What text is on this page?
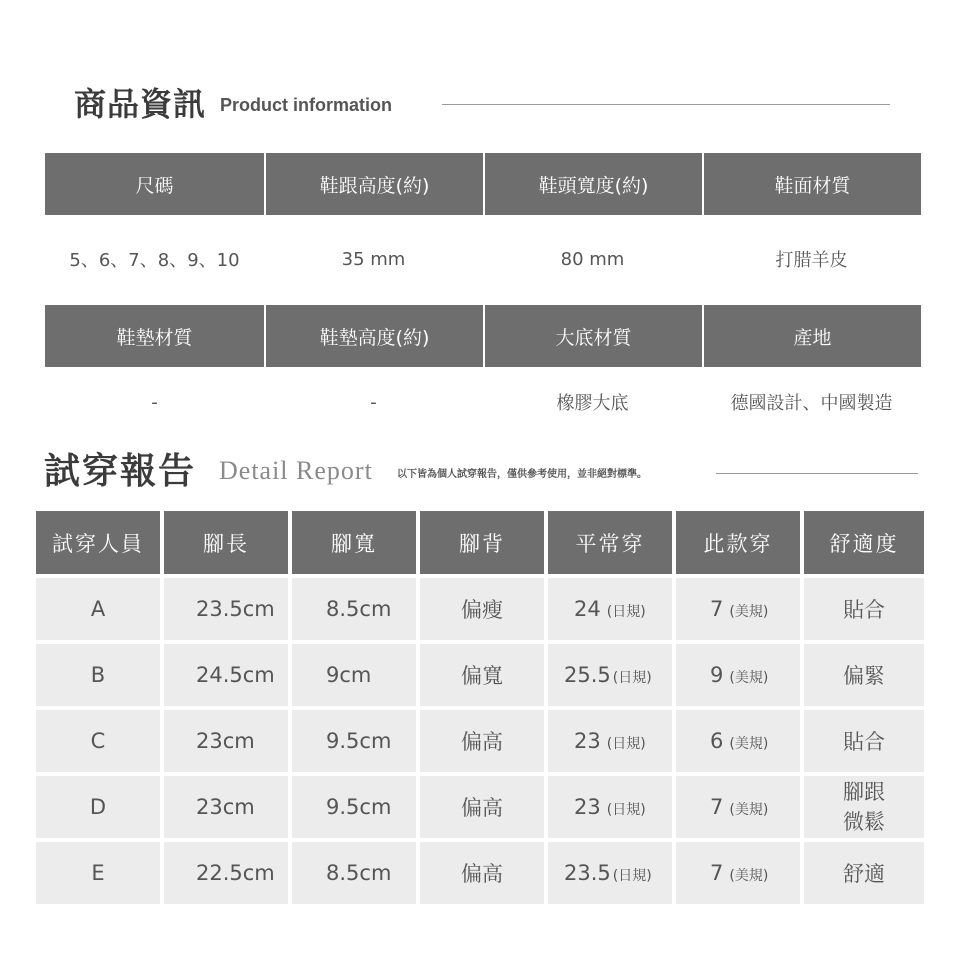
商品資訊 Product information
尺碼	鞋跟高度(約)	鞋頭寬度(約)	鞋面材質
5、6、7、8、9、10	35 mm	80 mm	打腊羊皮
鞋墊材質	鞋墊高度(約)	大底材質	產地
-	-	橡膠大底	德國設計、中國製造
試穿報告 Detail Report 以下皆為個人試穿報告，僅供參考使用，並非絕對標準。
試穿人員	腳長	腳寬	腳背	平常穿	此款穿	舒適度
A	23.5cm	8.5cm	偏瘦	24 (日規)	7 (美規)	貼合
B	24.5cm	9cm	偏寬	25.5 (日規)	9 (美規)	偏緊
C	23cm	9.5cm	偏高	23 (日規)	6 (美規)	貼合
D	23cm	9.5cm	偏高	23 (日規)	7 (美規)	腳跟
微鬆
E	22.5cm	8.5cm	偏高	23.5 (日規)	7 (美規)	舒適
